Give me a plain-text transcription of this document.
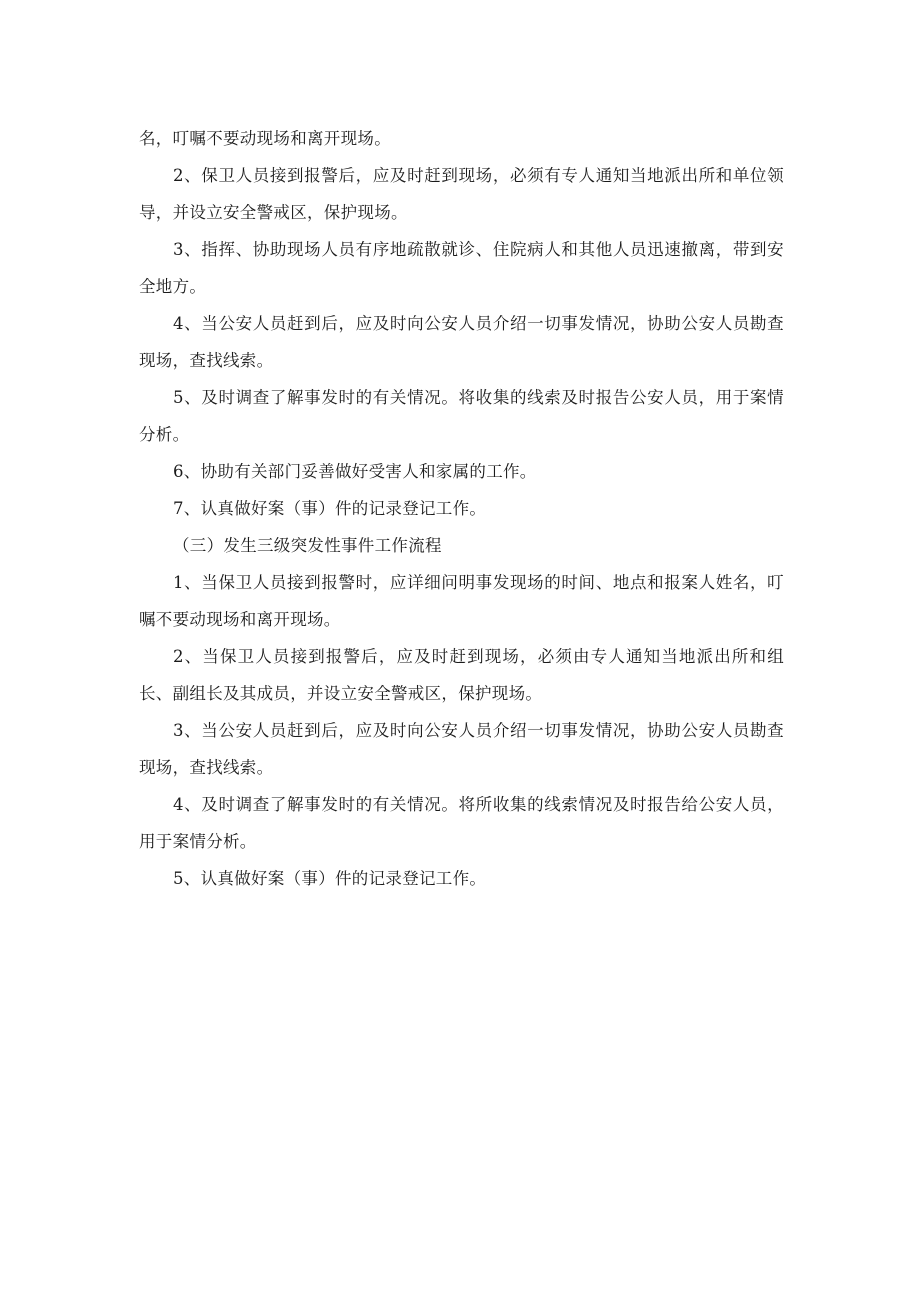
名，叮嘱不要动现场和离开现场。

2、保卫人员接到报警后，应及时赶到现场，必须有专人通知当地派出所和单位领导，并设立安全警戒区，保护现场。

3、指挥、协助现场人员有序地疏散就诊、住院病人和其他人员迅速撤离，带到安全地方。

4、当公安人员赶到后，应及时向公安人员介绍一切事发情况，协助公安人员勘查现场，查找线索。

5、及时调查了解事发时的有关情况。将收集的线索及时报告公安人员，用于案情分析。

6、协助有关部门妥善做好受害人和家属的工作。

7、认真做好案（事）件的记录登记工作。

（三）发生三级突发性事件工作流程

1、当保卫人员接到报警时，应详细问明事发现场的时间、地点和报案人姓名，叮嘱不要动现场和离开现场。

2、当保卫人员接到报警后，应及时赶到现场，必须由专人通知当地派出所和组长、副组长及其成员，并设立安全警戒区，保护现场。

3、当公安人员赶到后，应及时向公安人员介绍一切事发情况，协助公安人员勘查现场，查找线索。

4、及时调查了解事发时的有关情况。将所收集的线索情况及时报告给公安人员，用于案情分析。

5、认真做好案（事）件的记录登记工作。
